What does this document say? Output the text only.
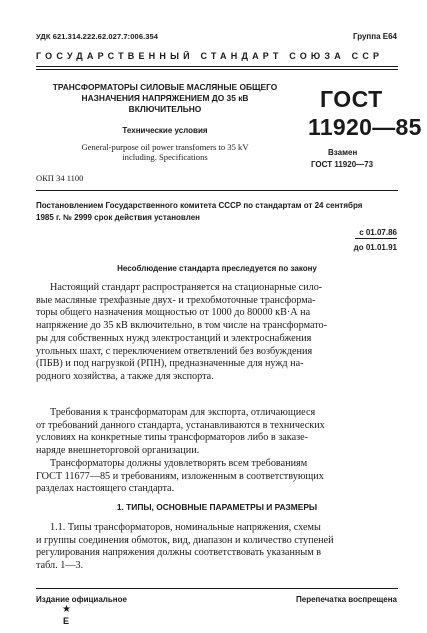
УДК 621.314.222.62.027.7:006.354	Группа Е64
ГОСУДАРСТВЕННЫЙ СТАНДАРТ СОЮЗА ССР
ТРАНСФОРМАТОРЫ СИЛОВЫЕ МАСЛЯНЫЕ ОБЩЕГО
НАЗНАЧЕНИЯ НАПРЯЖЕНИЕМ ДО 35 кВ
ВКЛЮЧИТЕЛЬНО
Технические условия
General-purpose oil power transfomers to 35 kV
including. Specifications
ГОСТ
11920—85
Взамен
ГОСТ 11920—73
ОКП 34 1100
Постановлением Государственного комитета СССР по стандартам от 24 сентября
1985 г. № 2999 срок действия установлен
с 01.07.86
до 01.01.91
Несоблюдение стандарта преследуется по закону
Настоящий стандарт распространяется на стационарные сило-
вые масляные трехфазные двух- и трехобмоточные трансформа-
торы общего назначения мощностью от 1000 до 80000 кВ·А на
напряжение до 35 кВ включительно, в том числе на трансформато-
ры для собственных нужд электростанций и электроснабжения
угольных шахт, с переключением ответвлений без возбуждения
(ПБВ) и под нагрузкой (РПН), предназначенные для нужд на-
родного хозяйства, а также для экспорта.
Требования к трансформаторам для экспорта, отличающиеся
от требований данного стандарта, устанавливаются в технических
условиях на конкретные типы трансформаторов либо в заказе-
наряде внешнеторговой организации.
Трансформаторы должны удовлетворять всем требованиям
ГОСТ 11677—85 и требованиям, изложенным в соответствующих
разделах настоящего стандарта.
1. ТИПЫ, ОСНОВНЫЕ ПАРАМЕТРЫ И РАЗМЕРЫ
1.1. Типы трансформаторов, номинальные напряжения, схемы
и группы соединения обмоток, вид, диапазон и количество ступеней
регулирования напряжения должны соответствовать указанным в
табл. 1—3.
Издание официальное	Перепечатка воспрещена
★
Е
